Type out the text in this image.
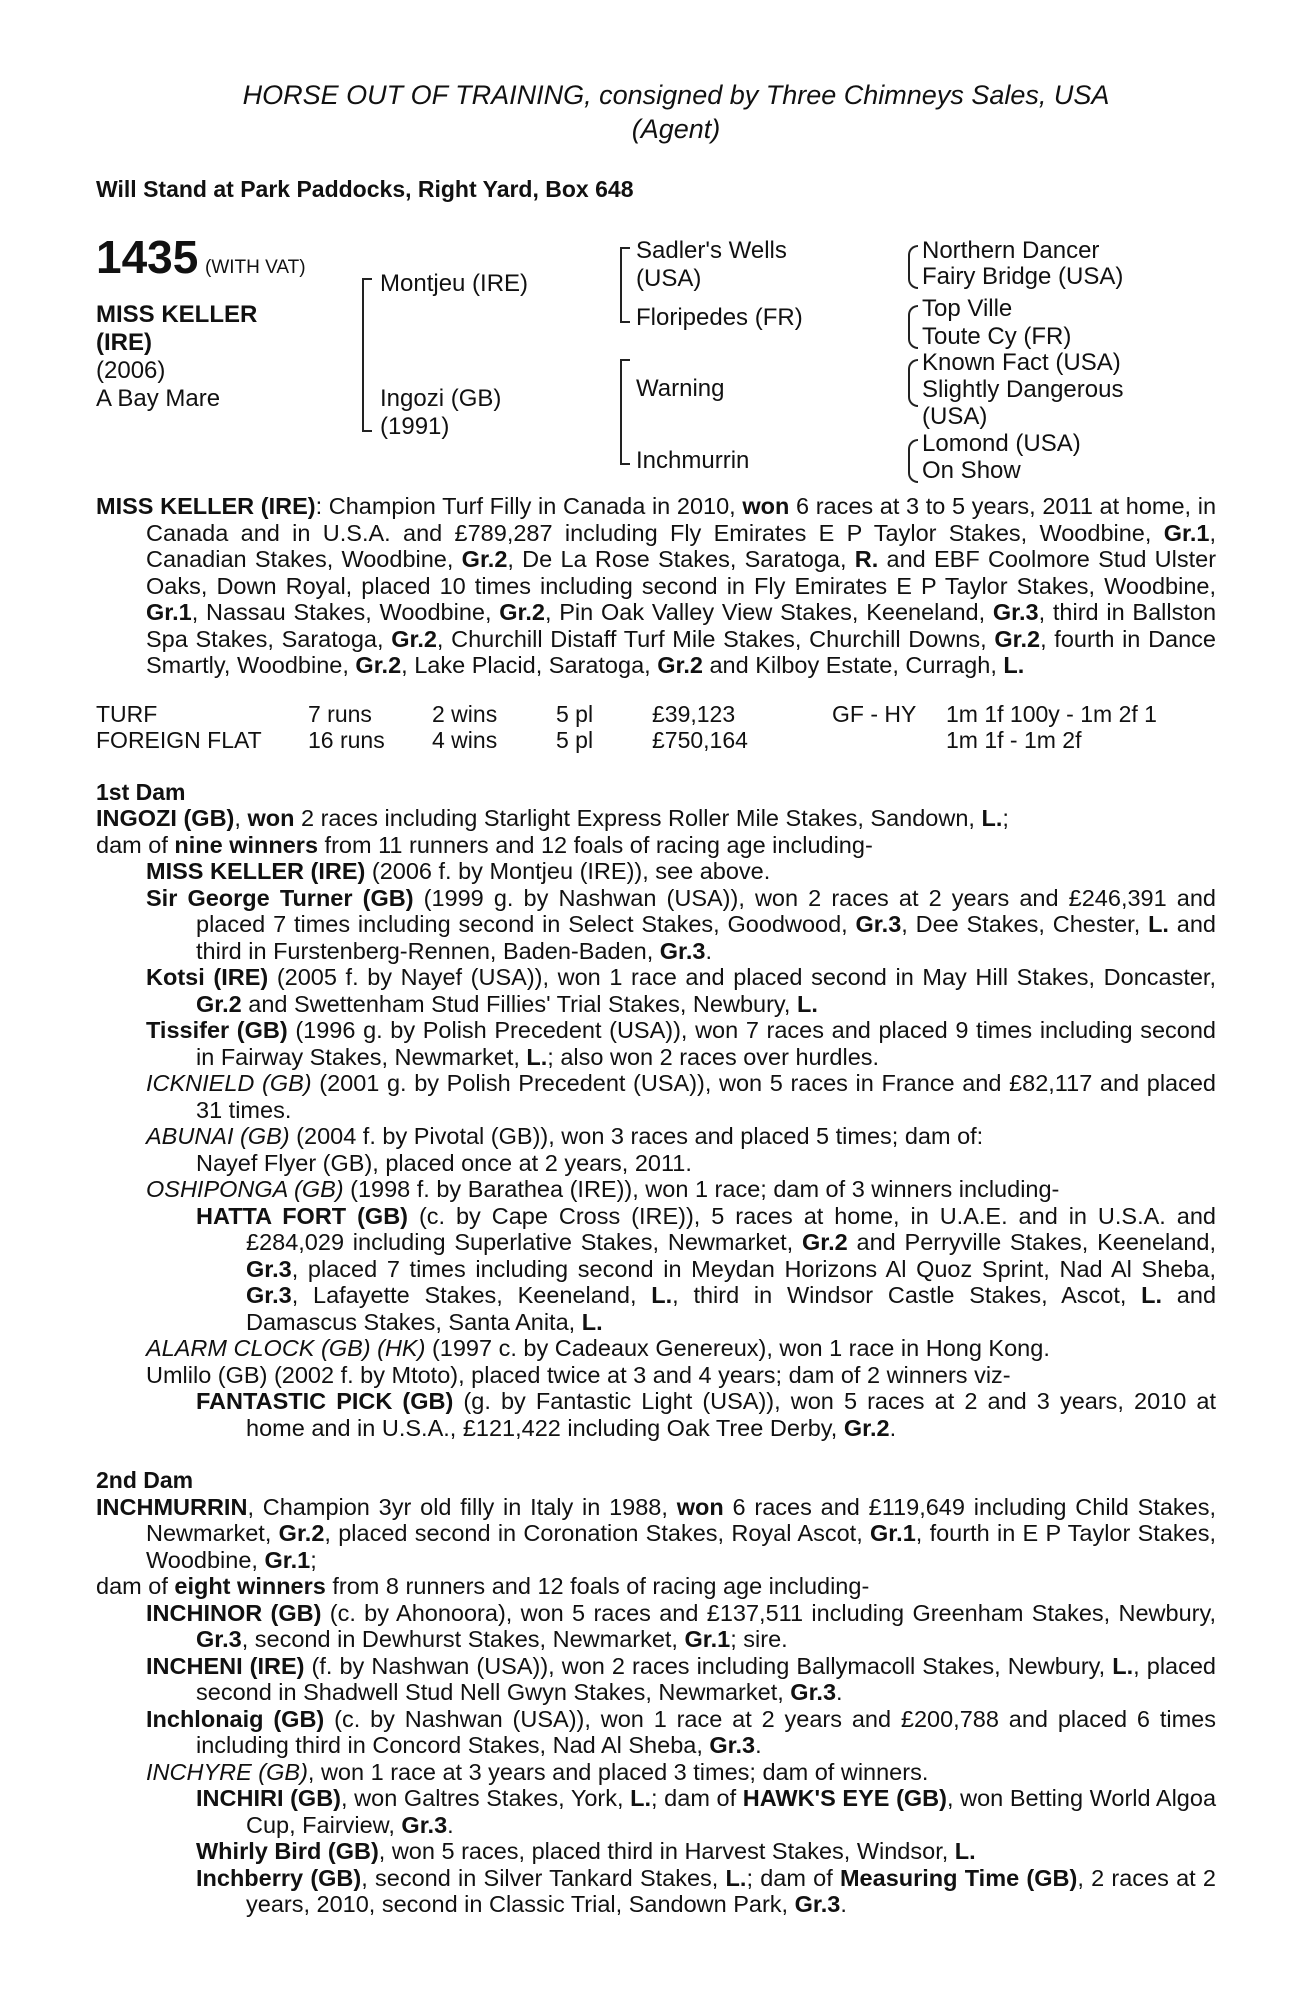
HORSE OUT OF TRAINING, consigned by Three Chimneys Sales, USA
(Agent)
Will Stand at Park Paddocks, Right Yard, Box 648
1435 (WITH VAT)
MISS KELLER
(IRE)
(2006)
A Bay Mare
Montjeu (IRE)
Ingozi (GB)
(1991)
Sadler's Wells
(USA)
Floripedes (FR)
Warning
Inchmurrin
Northern Dancer
Fairy Bridge (USA)
Top Ville
Toute Cy (FR)
Known Fact (USA)
Slightly Dangerous
(USA)
Lomond (USA)
On Show
MISS KELLER (IRE): Champion Turf Filly in Canada in 2010, won 6 races at 3 to 5 years, 2011 at home, in Canada and in U.S.A. and £789,287 including Fly Emirates E P Taylor Stakes, Woodbine, Gr.1, Canadian Stakes, Woodbine, Gr.2, De La Rose Stakes, Saratoga, R. and EBF Coolmore Stud Ulster Oaks, Down Royal, placed 10 times including second in Fly Emirates E P Taylor Stakes, Woodbine, Gr.1, Nassau Stakes, Woodbine, Gr.2, Pin Oak Valley View Stakes, Keeneland, Gr.3, third in Ballston Spa Stakes, Saratoga, Gr.2, Churchill Distaff Turf Mile Stakes, Churchill Downs, Gr.2, fourth in Dance Smartly, Woodbine, Gr.2, Lake Placid, Saratoga, Gr.2 and Kilboy Estate, Curragh, L.
TURF	7 runs	2 wins	5 pl	£39,123	GF - HY	1m 1f 100y - 1m 2f 1
FOREIGN FLAT	16 runs	4 wins	5 pl	£750,164		1m 1f - 1m 2f
1st Dam
INGOZI (GB), won 2 races including Starlight Express Roller Mile Stakes, Sandown, L.;
dam of nine winners from 11 runners and 12 foals of racing age including-
MISS KELLER (IRE) (2006 f. by Montjeu (IRE)), see above.
Sir George Turner (GB) (1999 g. by Nashwan (USA)), won 2 races at 2 years and £246,391 and placed 7 times including second in Select Stakes, Goodwood, Gr.3, Dee Stakes, Chester, L. and third in Furstenberg-Rennen, Baden-Baden, Gr.3.
Kotsi (IRE) (2005 f. by Nayef (USA)), won 1 race and placed second in May Hill Stakes, Doncaster, Gr.2 and Swettenham Stud Fillies' Trial Stakes, Newbury, L.
Tissifer (GB) (1996 g. by Polish Precedent (USA)), won 7 races and placed 9 times including second in Fairway Stakes, Newmarket, L.; also won 2 races over hurdles.
ICKNIELD (GB) (2001 g. by Polish Precedent (USA)), won 5 races in France and £82,117 and placed 31 times.
ABUNAI (GB) (2004 f. by Pivotal (GB)), won 3 races and placed 5 times; dam of:
Nayef Flyer (GB), placed once at 2 years, 2011.
OSHIPONGA (GB) (1998 f. by Barathea (IRE)), won 1 race; dam of 3 winners including-
HATTA FORT (GB) (c. by Cape Cross (IRE)), 5 races at home, in U.A.E. and in U.S.A. and £284,029 including Superlative Stakes, Newmarket, Gr.2 and Perryville Stakes, Keeneland, Gr.3, placed 7 times including second in Meydan Horizons Al Quoz Sprint, Nad Al Sheba, Gr.3, Lafayette Stakes, Keeneland, L., third in Windsor Castle Stakes, Ascot, L. and Damascus Stakes, Santa Anita, L.
ALARM CLOCK (GB) (HK) (1997 c. by Cadeaux Genereux), won 1 race in Hong Kong.
Umlilo (GB) (2002 f. by Mtoto), placed twice at 3 and 4 years; dam of 2 winners viz-
FANTASTIC PICK (GB) (g. by Fantastic Light (USA)), won 5 races at 2 and 3 years, 2010 at home and in U.S.A., £121,422 including Oak Tree Derby, Gr.2.
2nd Dam
INCHMURRIN, Champion 3yr old filly in Italy in 1988, won 6 races and £119,649 including Child Stakes, Newmarket, Gr.2, placed second in Coronation Stakes, Royal Ascot, Gr.1, fourth in E P Taylor Stakes, Woodbine, Gr.1;
dam of eight winners from 8 runners and 12 foals of racing age including-
INCHINOR (GB) (c. by Ahonoora), won 5 races and £137,511 including Greenham Stakes, Newbury, Gr.3, second in Dewhurst Stakes, Newmarket, Gr.1; sire.
INCHENI (IRE) (f. by Nashwan (USA)), won 2 races including Ballymacoll Stakes, Newbury, L., placed second in Shadwell Stud Nell Gwyn Stakes, Newmarket, Gr.3.
Inchlonaig (GB) (c. by Nashwan (USA)), won 1 race at 2 years and £200,788 and placed 6 times including third in Concord Stakes, Nad Al Sheba, Gr.3.
INCHYRE (GB), won 1 race at 3 years and placed 3 times; dam of winners.
INCHIRI (GB), won Galtres Stakes, York, L.; dam of HAWK'S EYE (GB), won Betting World Algoa Cup, Fairview, Gr.3.
Whirly Bird (GB), won 5 races, placed third in Harvest Stakes, Windsor, L.
Inchberry (GB), second in Silver Tankard Stakes, L.; dam of Measuring Time (GB), 2 races at 2 years, 2010, second in Classic Trial, Sandown Park, Gr.3.
